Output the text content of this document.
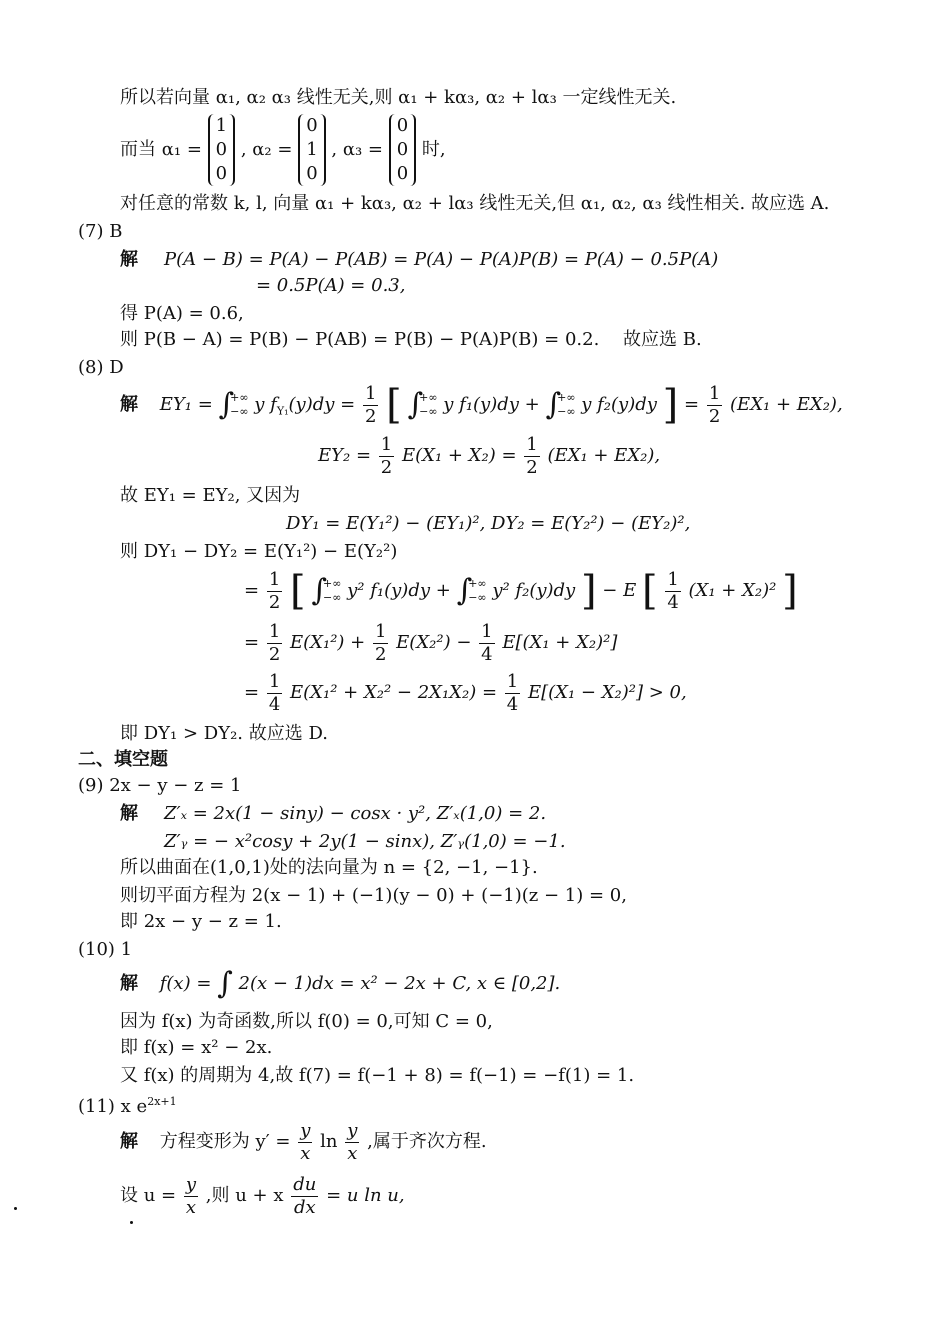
所以若向量 α₁, α₂ α₃ 线性无关,则 α₁ + kα₃, α₂ + lα₃ 一定线性无关.
而当 α₁ =
1
0
0
, α₂ =
0
1
0
, α₃ =
0
0
0
时,
对任意的常数 k, l, 向量 α₁ + kα₃, α₂ + lα₃ 线性无关,但 α₁, α₂, α₃ 线性相关. 故应选 A.
(7) B
解 P(A − B) = P(A) − P(AB) = P(A) − P(A)P(B) = P(A) − 0.5P(A)
= 0.5P(A) = 0.3,
得 P(A) = 0.6,
则 P(B − A) = P(B) − P(AB) = P(B) − P(A)P(B) = 0.2.　 故应选 B.
(8) D
解 EY₁ = ∫
+∞
−∞ y $f_{Y_1}(y)dy = \frac{1}{2}$ [ ∫
+∞
−∞ y f₁(y)dy + ∫
+∞
−∞ y f₂(y)dy ] = $\frac{1}{2} (EX_1 + EX_2)$,
$EY_2 = \frac{1}{2} E(X_1 + X_2) = \frac{1}{2} (EX_1 + EX_2)$,
故 EY₁ = EY₂, 又因为
DY₁ = E(Y₁²) − (EY₁)², DY₂ = E(Y₂²) − (EY₂)²,
则 DY₁ − DY₂ = E(Y₁²) − E(Y₂²)
= $\frac{1}{2}$ [ ∫
+∞
−∞ y² f₁(y)dy + ∫
+∞
−∞ y² f₂(y)dy ] − E [ $\frac{1}{4} (X_1 + X_2)^2$ ]
= $\frac{1}{2} E(X_1^2) + \frac{1}{2} E(X_2^2) - \frac{1}{4} E[(X_1 + X_2)^2]$
= $\frac{1}{4} E(X_1^2 + X_2^2 - 2X_1X_2) = \frac{1}{4} E[(X_1 - X_2)^2] > 0$,
即 DY₁ > DY₂. 故应选 D.
二、填空题
(9) 2x − y − z = 1
解 Z′ₓ = 2x(1 − siny) − cosx · y², Z′ₓ(1,0) = 2.
Z′ᵧ = − x²cosy + 2y(1 − sinx), Z′ᵧ(1,0) = −1.
所以曲面在(1,0,1)处的法向量为 n = {2, −1, −1}.
则切平面方程为 2(x − 1) + (−1)(y − 0) + (−1)(z − 1) = 0,
即 2x − y − z = 1.
(10) 1
解 f(x) = ∫ 2(x − 1)dx = x² − 2x + C, x ∈ [0,2].
因为 f(x) 为奇函数,所以 f(0) = 0,可知 C = 0,
即 f(x) = x² − 2x.
又 f(x) 的周期为 4,故 f(7) = f(−1 + 8) = f(−1) = −f(1) = 1.
(11) x $e^{2x+1}$
解 方程变形为 $y' = \frac{y}{x}$ $\ln \frac{y}{x}$ ,属于齐次方程.
设 $u = \frac{y}{x}$ ,则 u + x $\frac{du}{dx} = u$ ln u,
